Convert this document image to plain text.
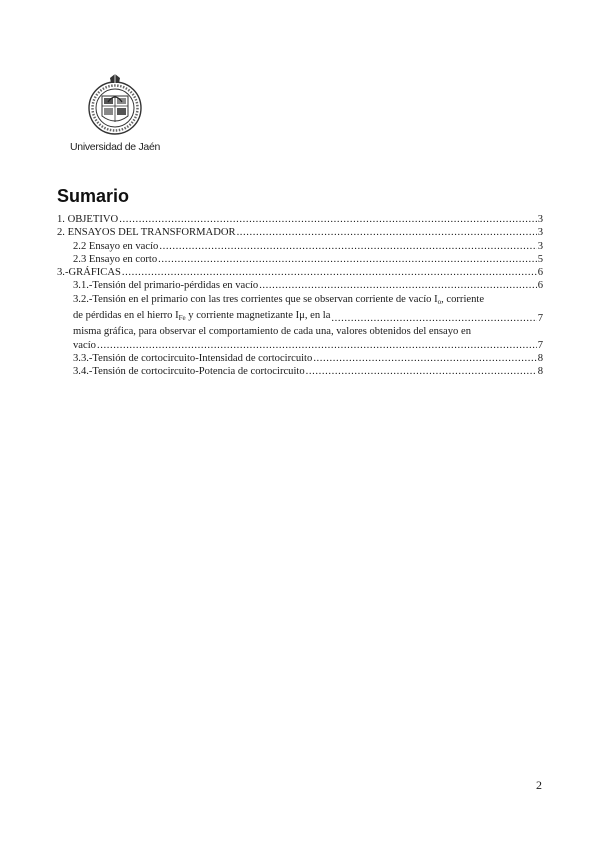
Universidad de Jaén
Sumario
1. OBJETIVO .....	3
2. ENSAYOS DEL TRANSFORMADOR .....	3
2.2 Ensayo en vacío .....	3
2.3 Ensayo en corto .....	5
3.-GRÁFICAS .....	6
3.1.-Tensión del primario-pérdidas en vacío .....	6
3.2.-Tensión en el primario con las tres corrientes que se observan corriente de vacío $I_o$, corriente
de pérdidas en el hierro $I_{Fe}$ y corriente magnetizante Iμ, en la .....	7
misma gráfica, para observar el comportamiento de cada una, valores obtenidos del ensayo en
vacío .....	7
3.3.-Tensión de cortocircuito-Intensidad de cortocircuito .....	8
3.4.-Tensión de cortocircuito-Potencia de cortocircuito .....	8
2
